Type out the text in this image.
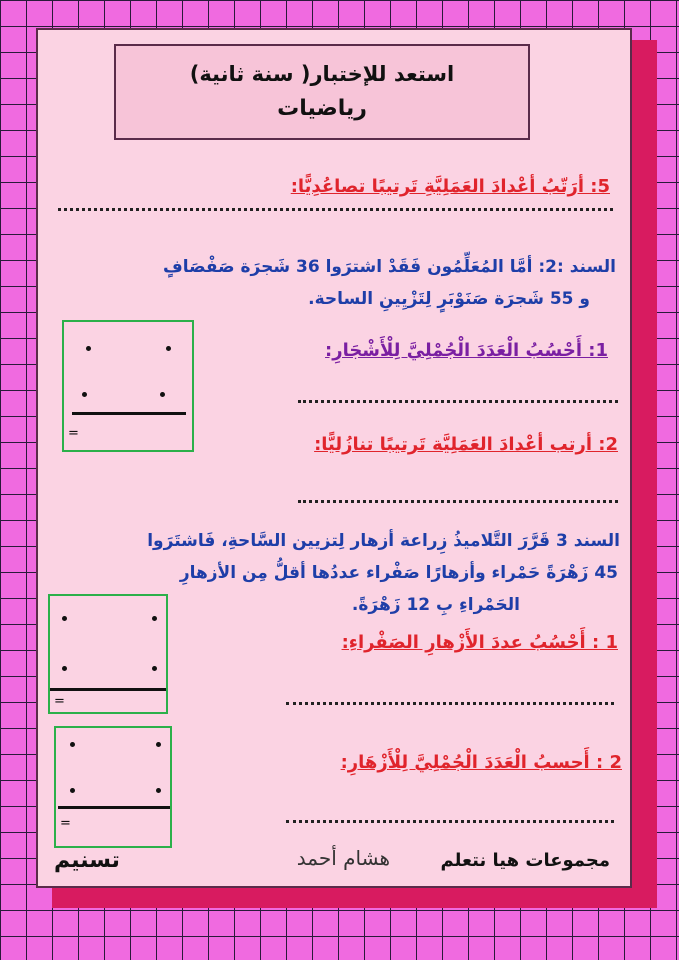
استعد للإختبار( سنة ثانية)
رياضيات
5: أرَتّبُ أعْدادَ العَمَلِيَّةِ تَرتيبًا تصاعُدِيًّا:
السند :2: أمَّا المُعَلِّمُون فَقَدْ اشترَوا 36 شَجرَة صَفْصَافٍ
و 55 شَجرَة صَنَوْبَرٍ لِتَزْيِينِ الساحة.
1: أَحْسُبُ الْعَدَدَ الْجُمْلِيَّ لِلْأَشْجَارِ:
=
2: أرتب أعْدادَ العَمَلِيَّة تَرتيبًا تنازُليًّا:
السند 3 قَرَّرَ التَّلاميذُ زِراعة أزهار لِتزيين السَّاحةِ، فَاشتَرَوا
45 زَهْرَةً حَمْراء وأزهارًا صَفْراء عددُها أقلُّ مِن الأزهارِ
الحَمْراءِ بِ 12 زَهْرَةً.
1 : أَحْسُبُ عددَ الأَزْهارِ الصَفْراءِ:
=
2 : أَحسبُ الْعَدَدَ الْجُمْلِيَّ لِلْأَزْهَارِ:
=
مجموعات هيا نتعلم
هشام أحمد
تسنيم
